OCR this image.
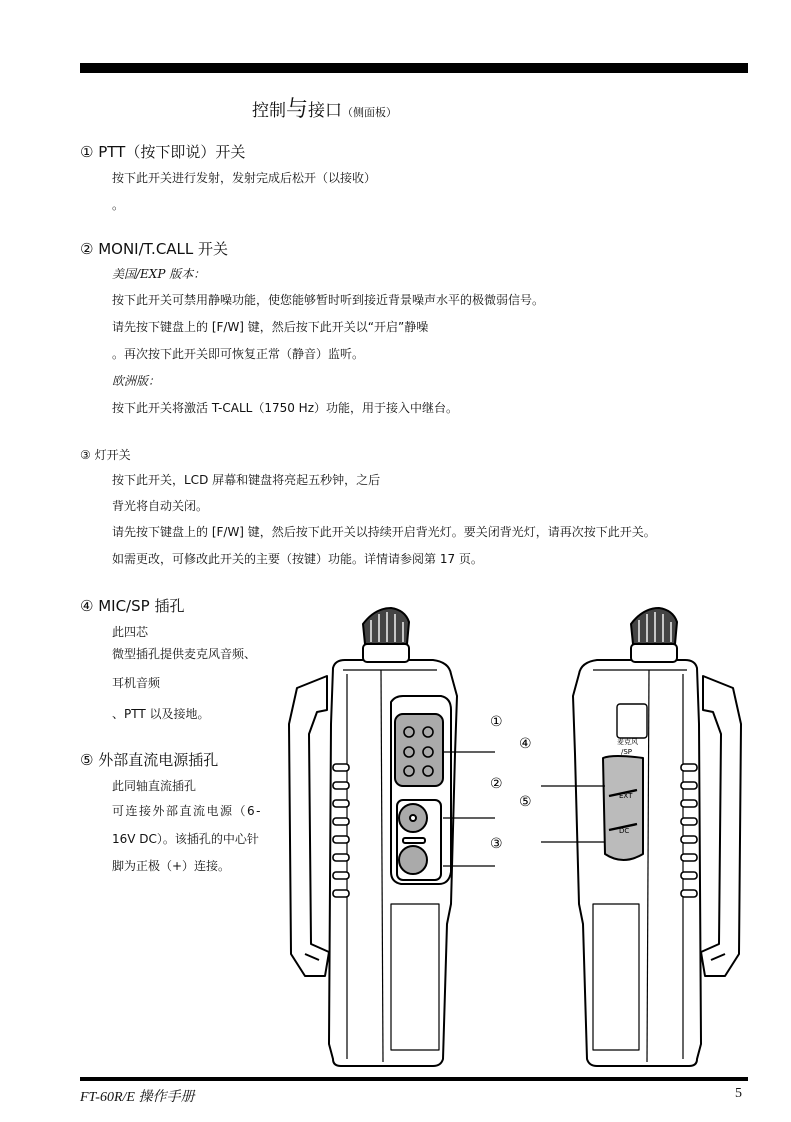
控制与接口（侧面板）
① PTT（按下即说）开关
按下此开关进行发射，发射完成后松开（以接收）
。
② MONI/T.CALL 开关
美国/EXP 版本：
按下此开关可禁用静噪功能，使您能够暂时听到接近背景噪声水平的极微弱信号。
请先按下键盘上的 [F/W] 键，然后按下此开关以“开启”静噪
。再次按下此开关即可恢复正常（静音）监听。
欧洲版：
按下此开关将激活 T-CALL（1750 Hz）功能，用于接入中继台。
③ 灯开关
按下此开关，LCD 屏幕和键盘将亮起五秒钟，之后
背光将自动关闭。
请先按下键盘上的 [F/W] 键，然后按下此开关以持续开启背光灯。要关闭背光灯，请再次按下此开关。
如需更改，可修改此开关的主要（按键）功能。详情请参阅第 17 页。
④ MIC/SP 插孔
此四芯
微型插孔提供麦克风音频、
耳机音频
、PTT 以及接地。
⑤ 外部直流电源插孔
此同轴直流插孔
可连接外部直流电源（6-
16V DC）。该插孔的中心针
脚为正极（+）连接。
①
④
②
⑤
③
麦克风
/SP
EXT
DC
FT-60R/E 操作手册	5
